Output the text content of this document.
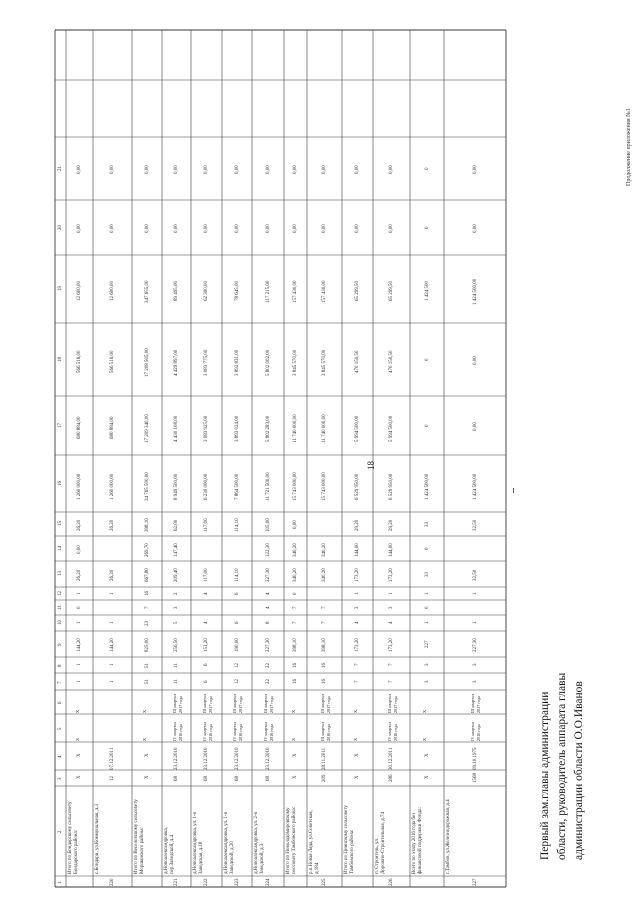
18
Продолжение приложения №1
Первый зам.главы администрации области, руководитель аппарата главы администрации области О.О.Иванов
1
2
3
4
5
6
7
8
9
10
11
12
13
14
15
16
17
18
19
20
21
Итого по Бондарскому сельсовету Бондарского района:
X
X
X
X
1
1
144,20
1
0
1
26,20
0,00
26,20
1 260 000,00
680 884,00
566 516,00
12 600,00
0,00
0,00
220
с.Бондари, ул.Коммунальная, д.3
12
07.12.2011
1
1
144,20
1
1
26,20
26,20
1 260 000,00
680 884,00
566 516,00
12 600,00
0,00
0,00
Итого по Веселовскому сельсовету Моршанского района:
X
X
X
X
51
51
825,00
23
7
16
667,80
269,70
398,10
34 765 500,00
17 209 340,00
17 208 505,00
347 655,00
0,00
0,00
221
д.Новоалександровка, пер.Заводской, д.4
68
23.12.2010
IV квартал 2016 года
III квартал 2017 года
11
11
256,50
5
3
2
209,40
147,40
62,00
8 949 500,00
4 430 108,00
4 429 897,00
89 495,00
0,00
0,00
222
д.Новоалександровка, ул. 1-я Заводская, д.18
68
23.12.2010
IV квартал 2016 года
III квартал 2017 года
6
6
151,20
4
4
117,00
117,00
6 230 000,00
3 083 925,00
3 083 775,00
62 300,00
0,00
0,00
223
д.Новоалександровка, ул. 1-я Заводской, д.20
68
23.12.2010
IV квартал 2016 года
III квартал 2017 года
12
12
190,00
6
6
114,10
114,10
7 864 500,00
3 893 024,00
3 892 831,00
78 645,00
0,00
0,00
224
д.Новоалександровка, ул. 2-я Заводской, д.3
68
23.12.2010
IV квартал 2016 года
III квартал 2017 года
22
22
227,30
8
4
4
227,30
122,30
105,00
11 721 500,00
5 802 283,00
5 802 002,00
117 215,00
0,00
0,00
Итого по Новоладомировскому поссовету Тамбовского района:
X
X
X
X
16
16
398,10
7
7
0
340,20
340,20
0,00
15 743 000,00
11 740 000,00
3 845 570,00
157 430,00
0,00
0,00
225
р.п.Новая Ляда, ул.Советская, д.184
209
28.11.2011
III квартал 2016 года
III квартал 2017 года
16
16
398,10
7
7
340,20
340,20
15 743 000,00
11 740 000,00
3 845 570,00
157 430,00
0,00
0,00
Итого по Цнинскому сельсовету Тамбовского района:
X
X
X
X
7
7
173,20
4
3
1
173,20
144,00
29,20
6 529 950,00
5 994 500,00
470 150,50
65 299,50
0,00
0,00
226
п. Строитель, ул. Дорожно-Строительная, д.74
286
30.12.2011
IV квартал 2016 года
III квартал 2017 года
7
7
173,20
4
3
1
173,20
144,00
29,20
6 529 950,00
5 994 500,00
470 150,50
65 299,50
0,00
0,00
Всего по этапу 2016 года без финансовой поддержки Фонда:
X
X
X
X
3
3
227
1
0
1
33
0
33
1 424 500,00
0
0
1 424 500
0
0
227
г.Тамбов, ул.Железнодорожная, д.4
1568
09.10.1975
IV квартал 2016 года
III квартал 2017 года
3
3
227,30
1
1
32,50
32,50
1 424 500,00
0,00
0,00
1 424 500,00
0,00
0,00
